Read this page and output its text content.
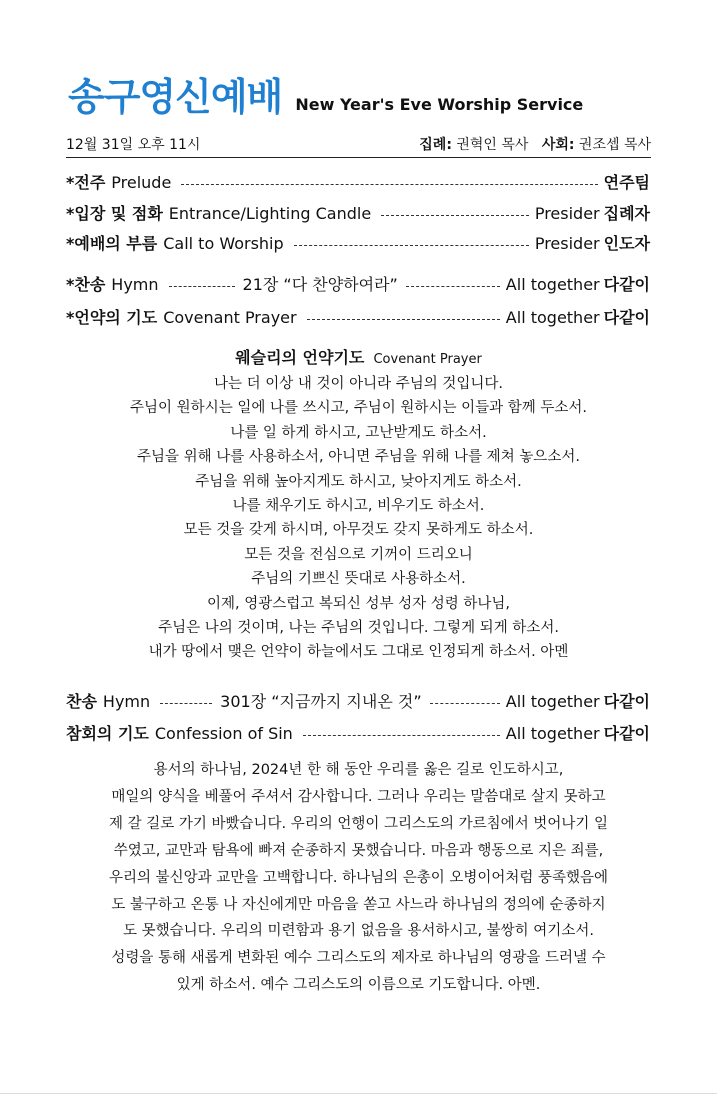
송구영신예배 New Year's Eve Worship Service
12월 31일 오후 11시	집례: 권혁인 목사 사회: 권조셉 목사
*전주 Prelude	연주팀
*입장 및 점화 Entrance/Lighting Candle	Presider 집례자
*예배의 부름 Call to Worship	Presider 인도자
*찬송 Hymn	21장 “다 찬양하여라”	All together 다같이
*언약의 기도 Covenant Prayer	All together 다같이
웨슬리의 언약기도 Covenant Prayer
나는 더 이상 내 것이 아니라 주님의 것입니다.
주님이 원하시는 일에 나를 쓰시고, 주님이 원하시는 이들과 함께 두소서.
나를 일 하게 하시고, 고난받게도 하소서.
주님을 위해 나를 사용하소서, 아니면 주님을 위해 나를 제쳐 놓으소서.
주님을 위해 높아지게도 하시고, 낮아지게도 하소서.
나를 채우기도 하시고, 비우기도 하소서.
모든 것을 갖게 하시며, 아무것도 갖지 못하게도 하소서.
모든 것을 전심으로 기꺼이 드리오니
주님의 기쁘신 뜻대로 사용하소서.
이제, 영광스럽고 복되신 성부 성자 성령 하나님,
주님은 나의 것이며, 나는 주님의 것입니다. 그렇게 되게 하소서.
내가 땅에서 맺은 언약이 하늘에서도 그대로 인정되게 하소서. 아멘
찬송 Hymn	301장 “지금까지 지내온 것”	All together 다같이
참회의 기도 Confession of Sin	All together 다같이
용서의 하나님, 2024년 한 해 동안 우리를 옳은 길로 인도하시고,
매일의 양식을 베풀어 주셔서 감사합니다. 그러나 우리는 말씀대로 살지 못하고
제 갈 길로 가기 바빴습니다. 우리의 언행이 그리스도의 가르침에서 벗어나기 일
쑤였고, 교만과 탐욕에 빠져 순종하지 못했습니다. 마음과 행동으로 지은 죄를,
우리의 불신앙과 교만을 고백합니다. 하나님의 은총이 오병이어처럼 풍족했음에
도 불구하고 온통 나 자신에게만 마음을 쏟고 사느라 하나님의 정의에 순종하지
도 못했습니다. 우리의 미련함과 용기 없음을 용서하시고, 불쌍히 여기소서.
성령을 통해 새롭게 변화된 예수 그리스도의 제자로 하나님의 영광을 드러낼 수
있게 하소서. 예수 그리스도의 이름으로 기도합니다. 아멘.
